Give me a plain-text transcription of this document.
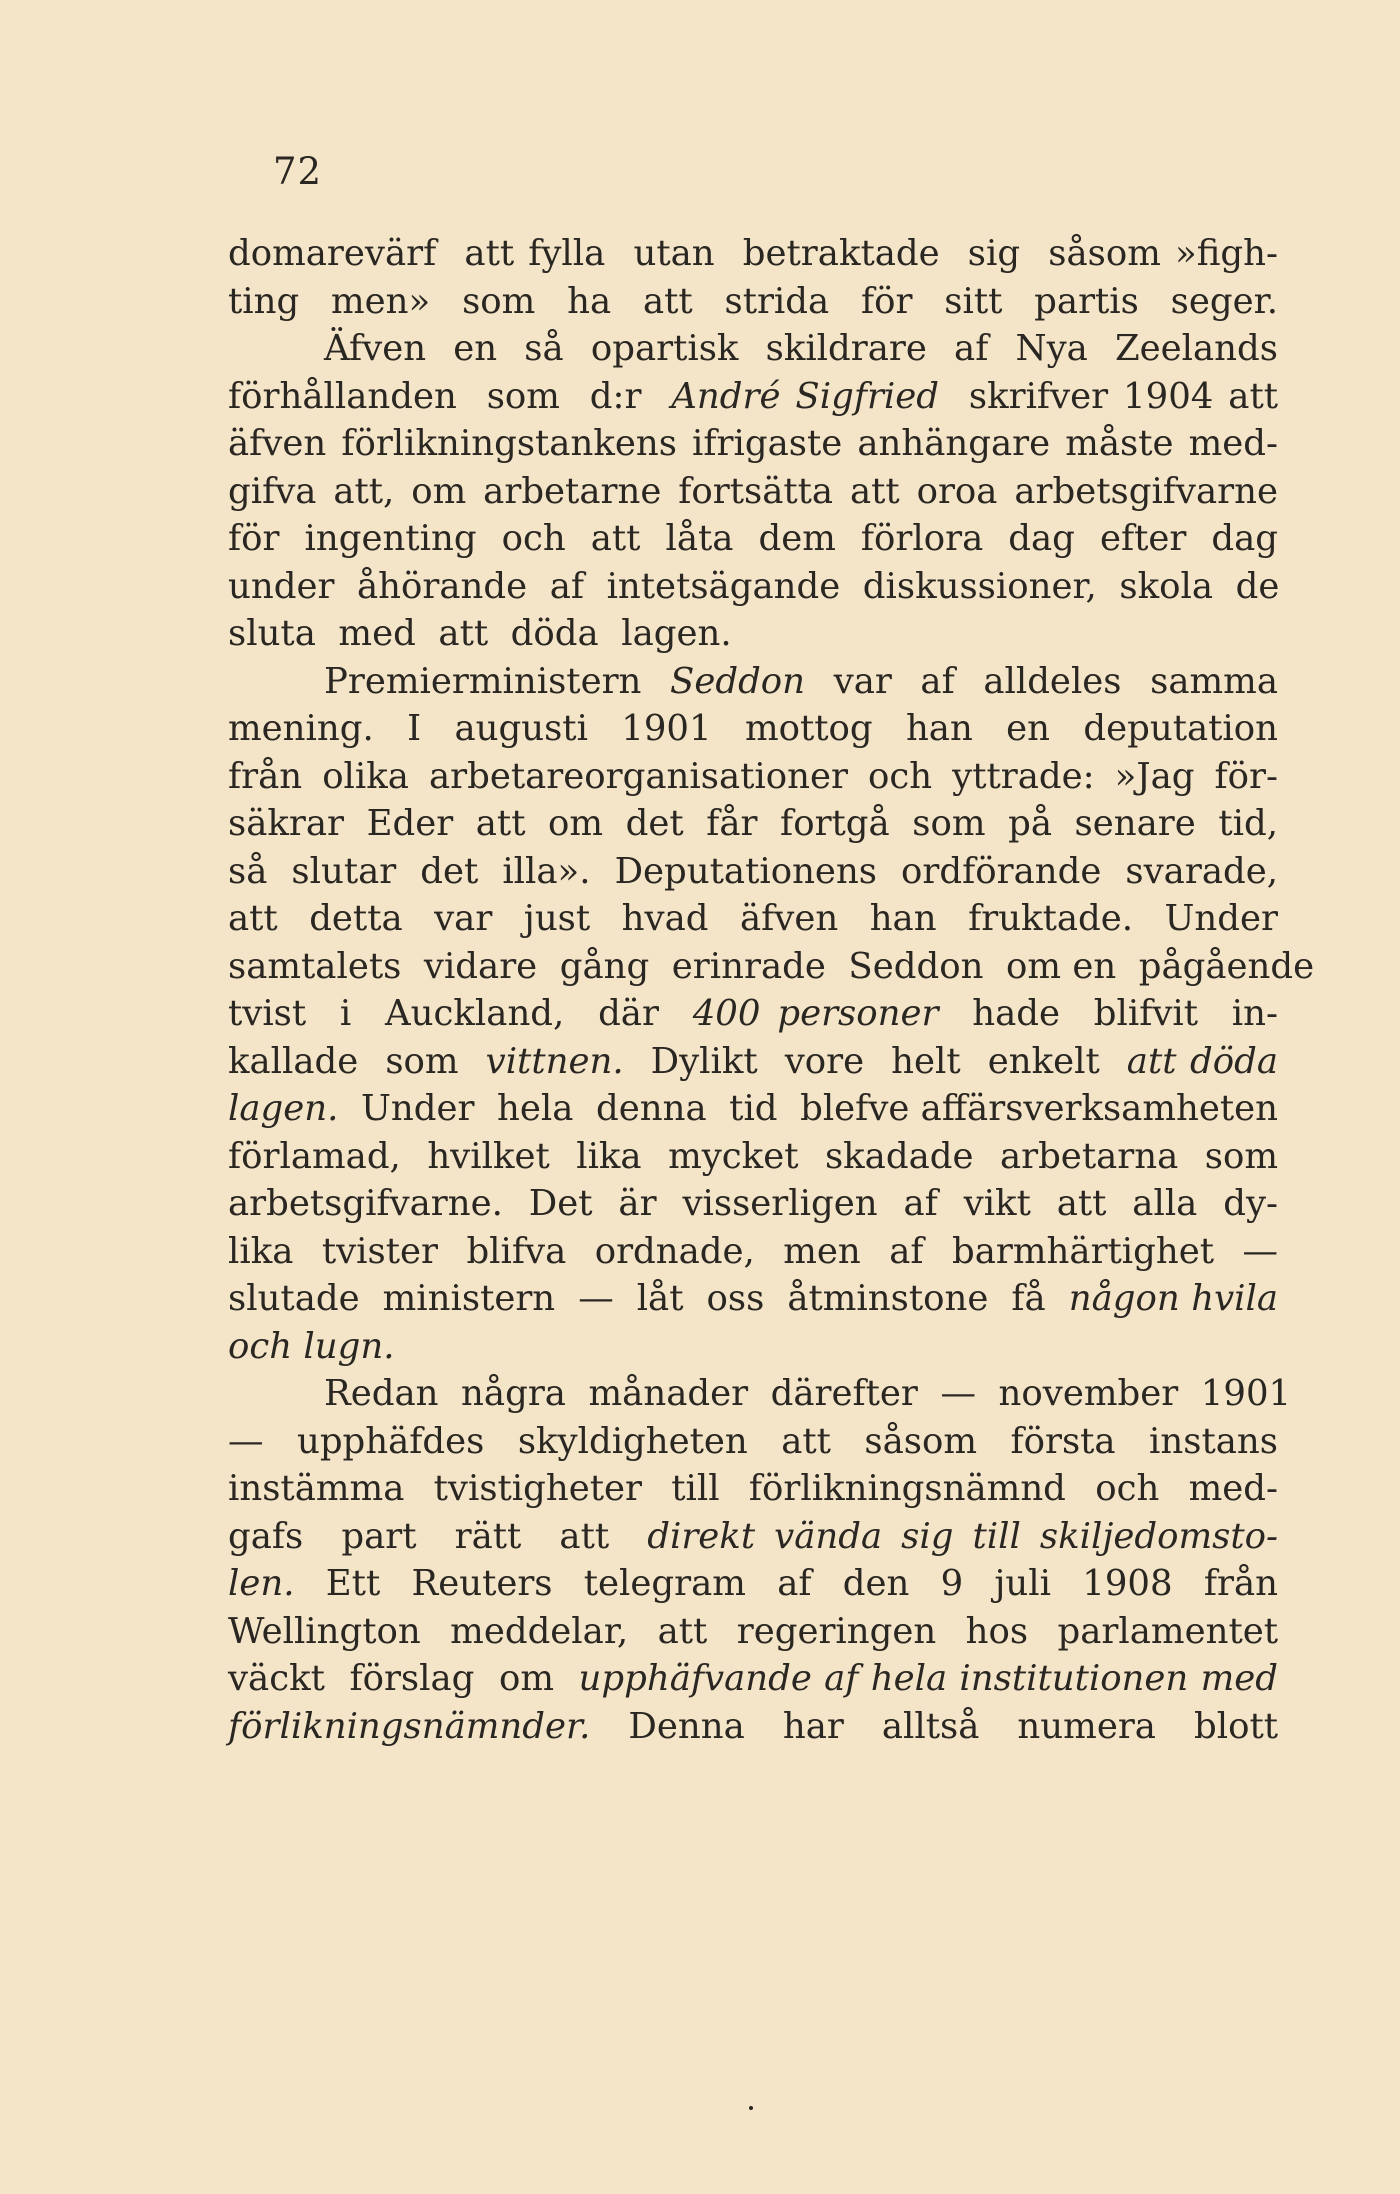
72
domarevärf  att fylla  utan  betraktade  sig  såsom »figh-
ting  men»  som  ha  att  strida  för  sitt  partis  seger.
Äfven  en  så  opartisk  skildrare  af  Nya  Zeelands
förhållanden  som  d:r  André Sigfried  skrifver 1904 att
äfven förlikningstankens ifrigaste anhängare måste med-
gifva att, om arbetarne fortsätta att oroa arbetsgifvarne
för  ingenting  och  att  låta  dem  förlora  dag  efter  dag
under  åhörande  af  intetsägande  diskussioner,  skola  de
sluta  med  att  döda  lagen.
Premierministern  Seddon  var  af  alldeles  samma
mening.  I  augusti  1901  mottog  han  en  deputation
från olika arbetareorganisationer och yttrade: »Jag för-
säkrar  Eder  att  om  det  får  fortgå  som  på  senare  tid,
så  slutar  det  illa».  Deputationens  ordförande  svarade,
att  detta  var  just  hvad  äfven  han  fruktade.  Under
samtalets  vidare  gång  erinrade  Seddon  om en  pågående
tvist  i  Auckland,  där  400 personer  hade  blifvit  in-
kallade  som  vittnen.  Dylikt  vore  helt  enkelt  att döda
lagen.  Under  hela  denna  tid  blefve affärsverksamheten
förlamad,  hvilket  lika  mycket  skadade  arbetarna  som
arbetsgifvarne.  Det  är  visserligen  af  vikt  att  alla  dy-
lika  tvister  blifva  ordnade,  men  af  barmhärtighet  —
slutade  ministern  —  låt  oss  åtminstone  få  någon hvila
och lugn.
Redan  några  månader  därefter  —  november  1901
—  upphäfdes  skyldigheten  att  såsom  första  instans
instämma  tvistigheter  till  förlikningsnämnd  och  med-
gafs  part  rätt  att  direkt vända sig till skiljedomsto-
len.  Ett  Reuters  telegram  af  den  9  juli  1908  från
Wellington  meddelar,  att  regeringen  hos  parlamentet
väckt  förslag  om  upphäfvande af hela institutionen med
förlikningsnämnder.  Denna  har  alltså  numera  blott
